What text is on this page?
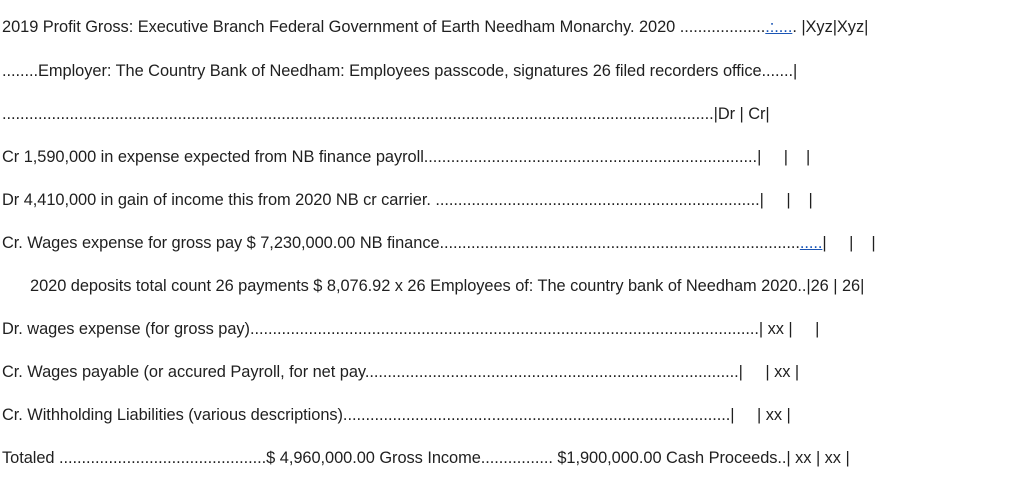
2019 Profit Gross: Executive Branch Federal Government of Earth Needham Monarchy. 2020 ....................:..... |Xyz|Xyz|
........Employer: The Country Bank of Needham: Employees passcode, signatures 26 filed recorders office.......|
..............................................................................................................................................................|Dr | Cr|
Cr 1,590,000 in expense expected from NB finance payroll..........................................................................|     |    |
Dr 4,410,000 in gain of income this from 2020 NB cr carrier. ........................................................................|     |    |
Cr. Wages expense for gross pay $ 7,230,000.00 NB finance.....................................................................................|     |    |
2020 deposits total count 26 payments $ 8,076.92 x 26 Employees of: The country bank of Needham 2020..|26 | 26|
Dr. wages expense (for gross pay).................................................................................................................| xx |     |
Cr. Wages payable (or accured Payroll, for net pay...................................................................................|     | xx |
Cr. Withholding Liabilities (various descriptions)......................................................................................|     | xx |
Totaled ..............................................$ 4,960,000.00 Gross Income................ $1,900,000.00 Cash Proceeds..| xx | xx |
